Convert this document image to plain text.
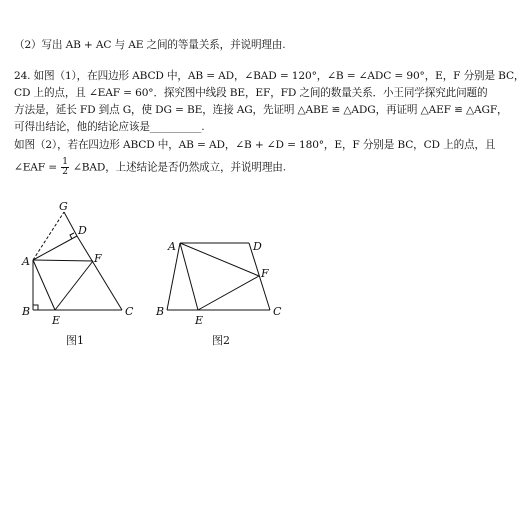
（2）写出 AB + AC 与 AE 之间的等量关系，并说明理由.
24. 如图（1），在四边形 ABCD 中，AB = AD，∠BAD = 120°，∠B = ∠ADC = 90°，E，F 分别是 BC，
CD 上的点，且 ∠EAF = 60°．探究图中线段 BE，EF，FD 之间的数量关系．小王同学探究此问题的
方法是，延长 FD 到点 G，使 DG = BE，连接 AG，先证明 △ABE ≌ △ADG，再证明 △AEF ≌ △AGF，
可得出结论，他的结论应该是__________.
如图（2），若在四边形 ABCD 中，AB = AD，∠B + ∠D = 180°，E，F 分别是 BC，CD 上的点，且
∠EAF = $\frac{1}{2}$ ∠BAD，上述结论是否仍然成立，并说明理由.
G
D
A	F
B
E
C
A	D
F
B
E
C
图1	图2
